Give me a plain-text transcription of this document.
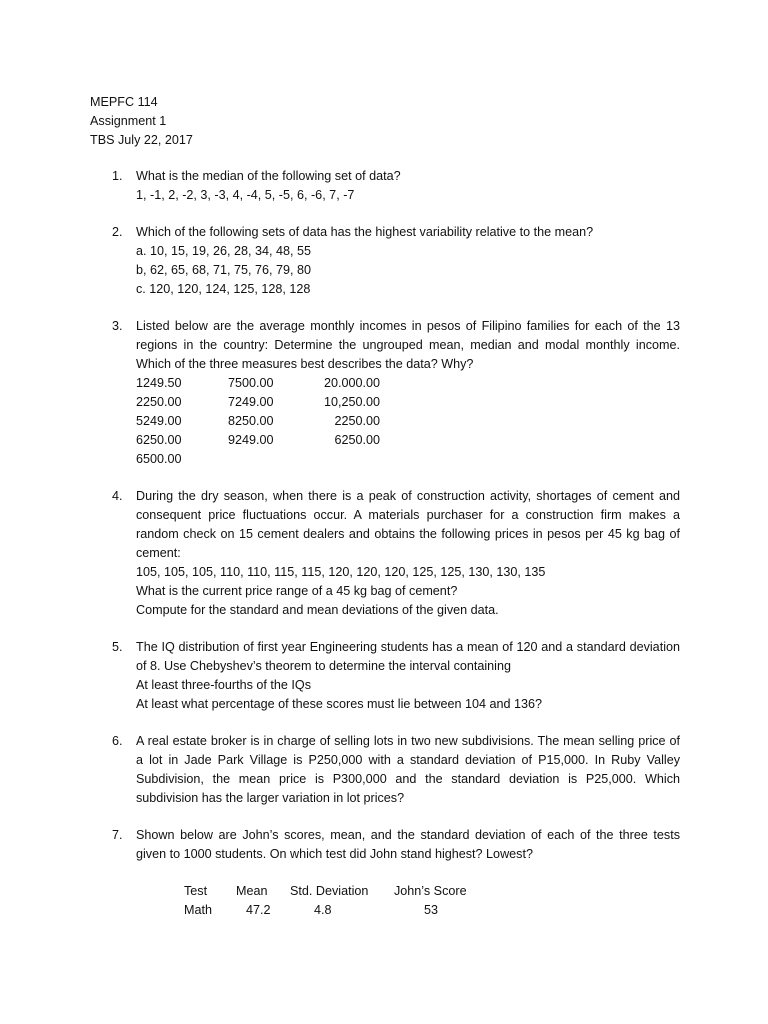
MEPFC 114
Assignment 1
TBS July 22, 2017
1.	What is the median of the following set of data?
1, -1, 2, -2, 3, -3, 4, -4, 5, -5, 6, -6, 7, -7
2.	Which of the following sets of data has the highest variability relative to the mean?
a. 10, 15, 19, 26, 28, 34, 48, 55
b, 62, 65, 68, 71, 75, 76, 79, 80
c. 120, 120, 124, 125, 128, 128
3.	Listed below are the average monthly incomes in pesos of Filipino families for each of the 13 regions in the country: Determine the ungrouped mean, median and modal monthly income. Which of the three measures best describes the data? Why?
1249.50	7500.00	20.000.00
2250.00	7249.00	10,250.00
5249.00	8250.00	2250.00
6250.00	9249.00	6250.00
6500.00
4.	During the dry season, when there is a peak of construction activity, shortages of cement and consequent price fluctuations occur. A materials purchaser for a construction firm makes a random check on 15 cement dealers and obtains the following prices in pesos per 45 kg bag of cement:
105, 105, 105, 110, 110, 115, 115, 120, 120, 120, 125, 125, 130, 130, 135
What is the current price range of a 45 kg bag of cement?
Compute for the standard and mean deviations of the given data.
5.	The IQ distribution of first year Engineering students has a mean of 120 and a standard deviation of 8. Use Chebyshev’s theorem to determine the interval containing
At least three-fourths of the IQs
At least what percentage of these scores must lie between 104 and 136?
6.	A real estate broker is in charge of selling lots in two new subdivisions. The mean selling price of a lot in Jade Park Village is P250,000 with a standard deviation of P15,000. In Ruby Valley Subdivision, the mean price is P300,000 and the standard deviation is P25,000. Which subdivision has the larger variation in lot prices?
7.	Shown below are John’s scores, mean, and the standard deviation of each of the three tests given to 1000 students. On which test did John stand highest? Lowest?
Test	Mean	Std. Deviation	John’s Score
Math	47.2	4.8	53
